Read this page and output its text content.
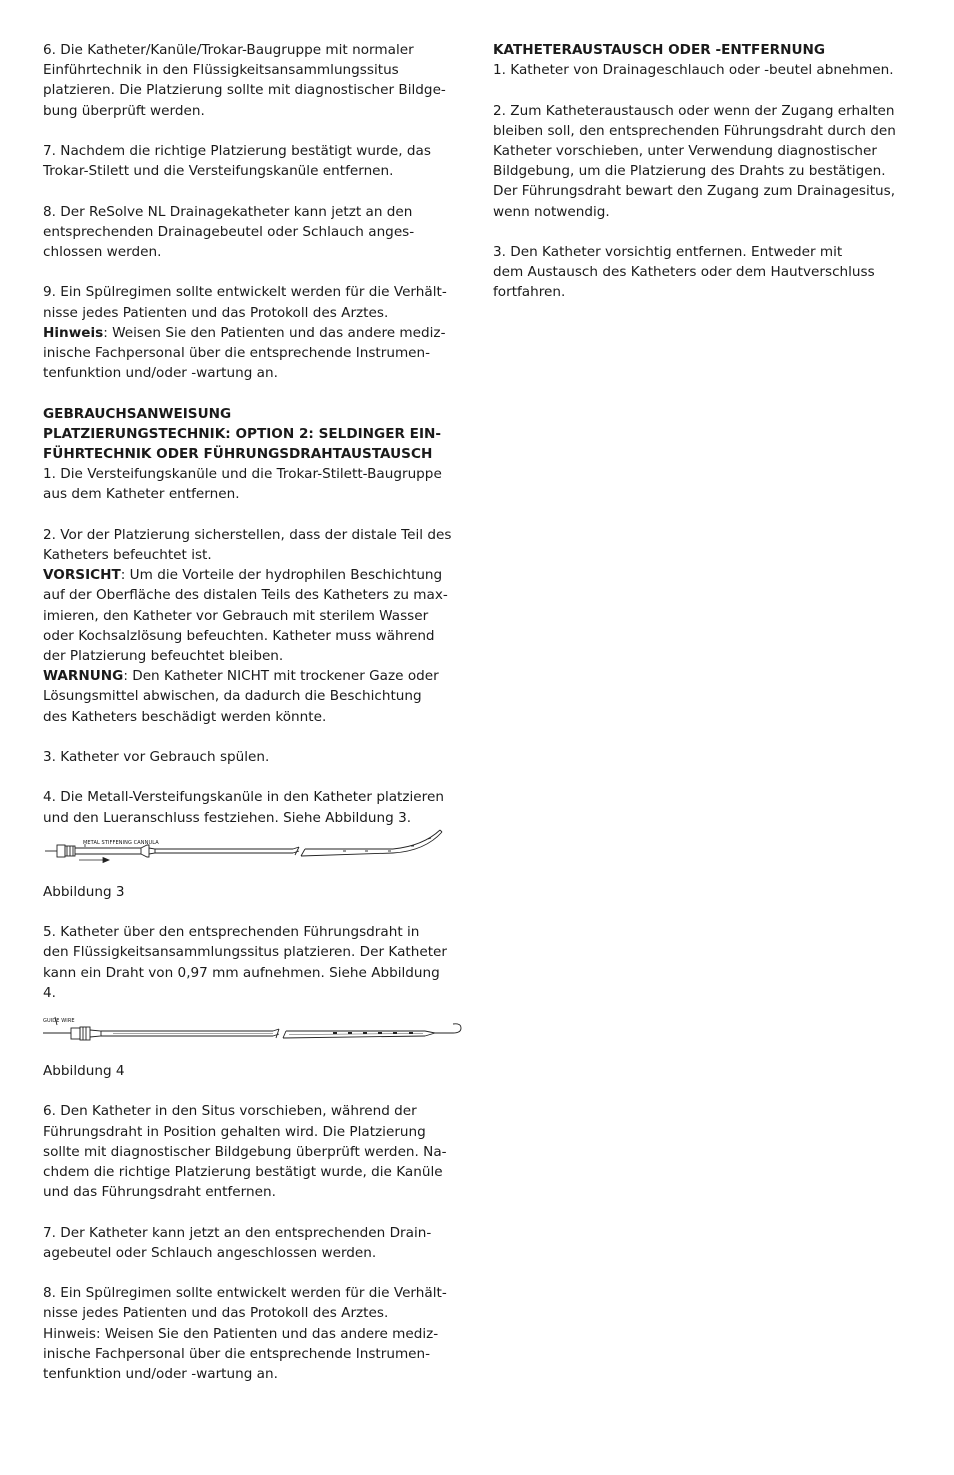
6. Die Katheter/Kanüle/Trokar-Baugruppe mit normaler
Einführtechnik in den Flüssigkeitsansammlungssitus
platzieren. Die Platzierung sollte mit diagnostischer Bildge-
bung überprüft werden.

7. Nachdem die richtige Platzierung bestätigt wurde, das
Trokar-Stilett und die Versteifungskanüle entfernen.

8. Der ReSolve NL Drainagekatheter kann jetzt an den
entsprechenden Drainagebeutel oder Schlauch anges-
chlossen werden.

9. Ein Spülregimen sollte entwickelt werden für die Verhält-
nisse jedes Patienten und das Protokoll des Arztes.
Hinweis: Weisen Sie den Patienten und das andere mediz-
inische Fachpersonal über die entsprechende Instrumen-
tenfunktion und/oder -wartung an.

GEBRAUCHSANWEISUNG
PLATZIERUNGSTECHNIK: OPTION 2: SELDINGER EIN-
FÜHRTECHNIK ODER FÜHRUNGSDRAHTAUSTAUSCH

1. Die Versteifungskanüle und die Trokar-Stilett-Baugruppe
aus dem Katheter entfernen.

2. Vor der Platzierung sicherstellen, dass der distale Teil des
Katheters befeuchtet ist.
VORSICHT: Um die Vorteile der hydrophilen Beschichtung
auf der Oberfläche des distalen Teils des Katheters zu max-
imieren, den Katheter vor Gebrauch mit sterilem Wasser
oder Kochsalzlösung befeuchten. Katheter muss während
der Platzierung befeuchtet bleiben.
WARNUNG: Den Katheter NICHT mit trockener Gaze oder
Lösungsmittel abwischen, da dadurch die Beschichtung
des Katheters beschädigt werden könnte.

3. Katheter vor Gebrauch spülen.

4. Die Metall-Versteifungskanüle in den Katheter platzieren
und den Lueranschluss festziehen. Siehe Abbildung 3.

METAL STIFFENING CANNULA

Abbildung 3

5. Katheter über den entsprechenden Führungsdraht in
den Flüssigkeitsansammlungssitus platzieren. Der Katheter
kann ein Draht von 0,97 mm aufnehmen. Siehe Abbildung
4.

GUIDE WIRE

Abbildung 4

6. Den Katheter in den Situs vorschieben, während der
Führungsdraht in Position gehalten wird. Die Platzierung
sollte mit diagnostischer Bildgebung überprüft werden. Na-
chdem die richtige Platzierung bestätigt wurde, die Kanüle
und das Führungsdraht entfernen.

7. Der Katheter kann jetzt an den entsprechenden Drain-
agebeutel oder Schlauch angeschlossen werden.

8. Ein Spülregimen sollte entwickelt werden für die Verhält-
nisse jedes Patienten und das Protokoll des Arztes.
Hinweis: Weisen Sie den Patienten und das andere mediz-
inische Fachpersonal über die entsprechende Instrumen-
tenfunktion und/oder -wartung an.

KATHETERAUSTAUSCH ODER -ENTFERNUNG

1. Katheter von Drainageschlauch oder -beutel abnehmen.

2. Zum Katheteraustausch oder wenn der Zugang erhalten
bleiben soll, den entsprechenden Führungsdraht durch den
Katheter vorschieben, unter Verwendung diagnostischer
Bildgebung, um die Platzierung des Drahts zu bestätigen.
Der Führungsdraht bewart den Zugang zum Drainagesitus,
wenn notwendig.

3. Den Katheter vorsichtig entfernen. Entweder mit
dem Austausch des Katheters oder dem Hautverschluss
fortfahren.
